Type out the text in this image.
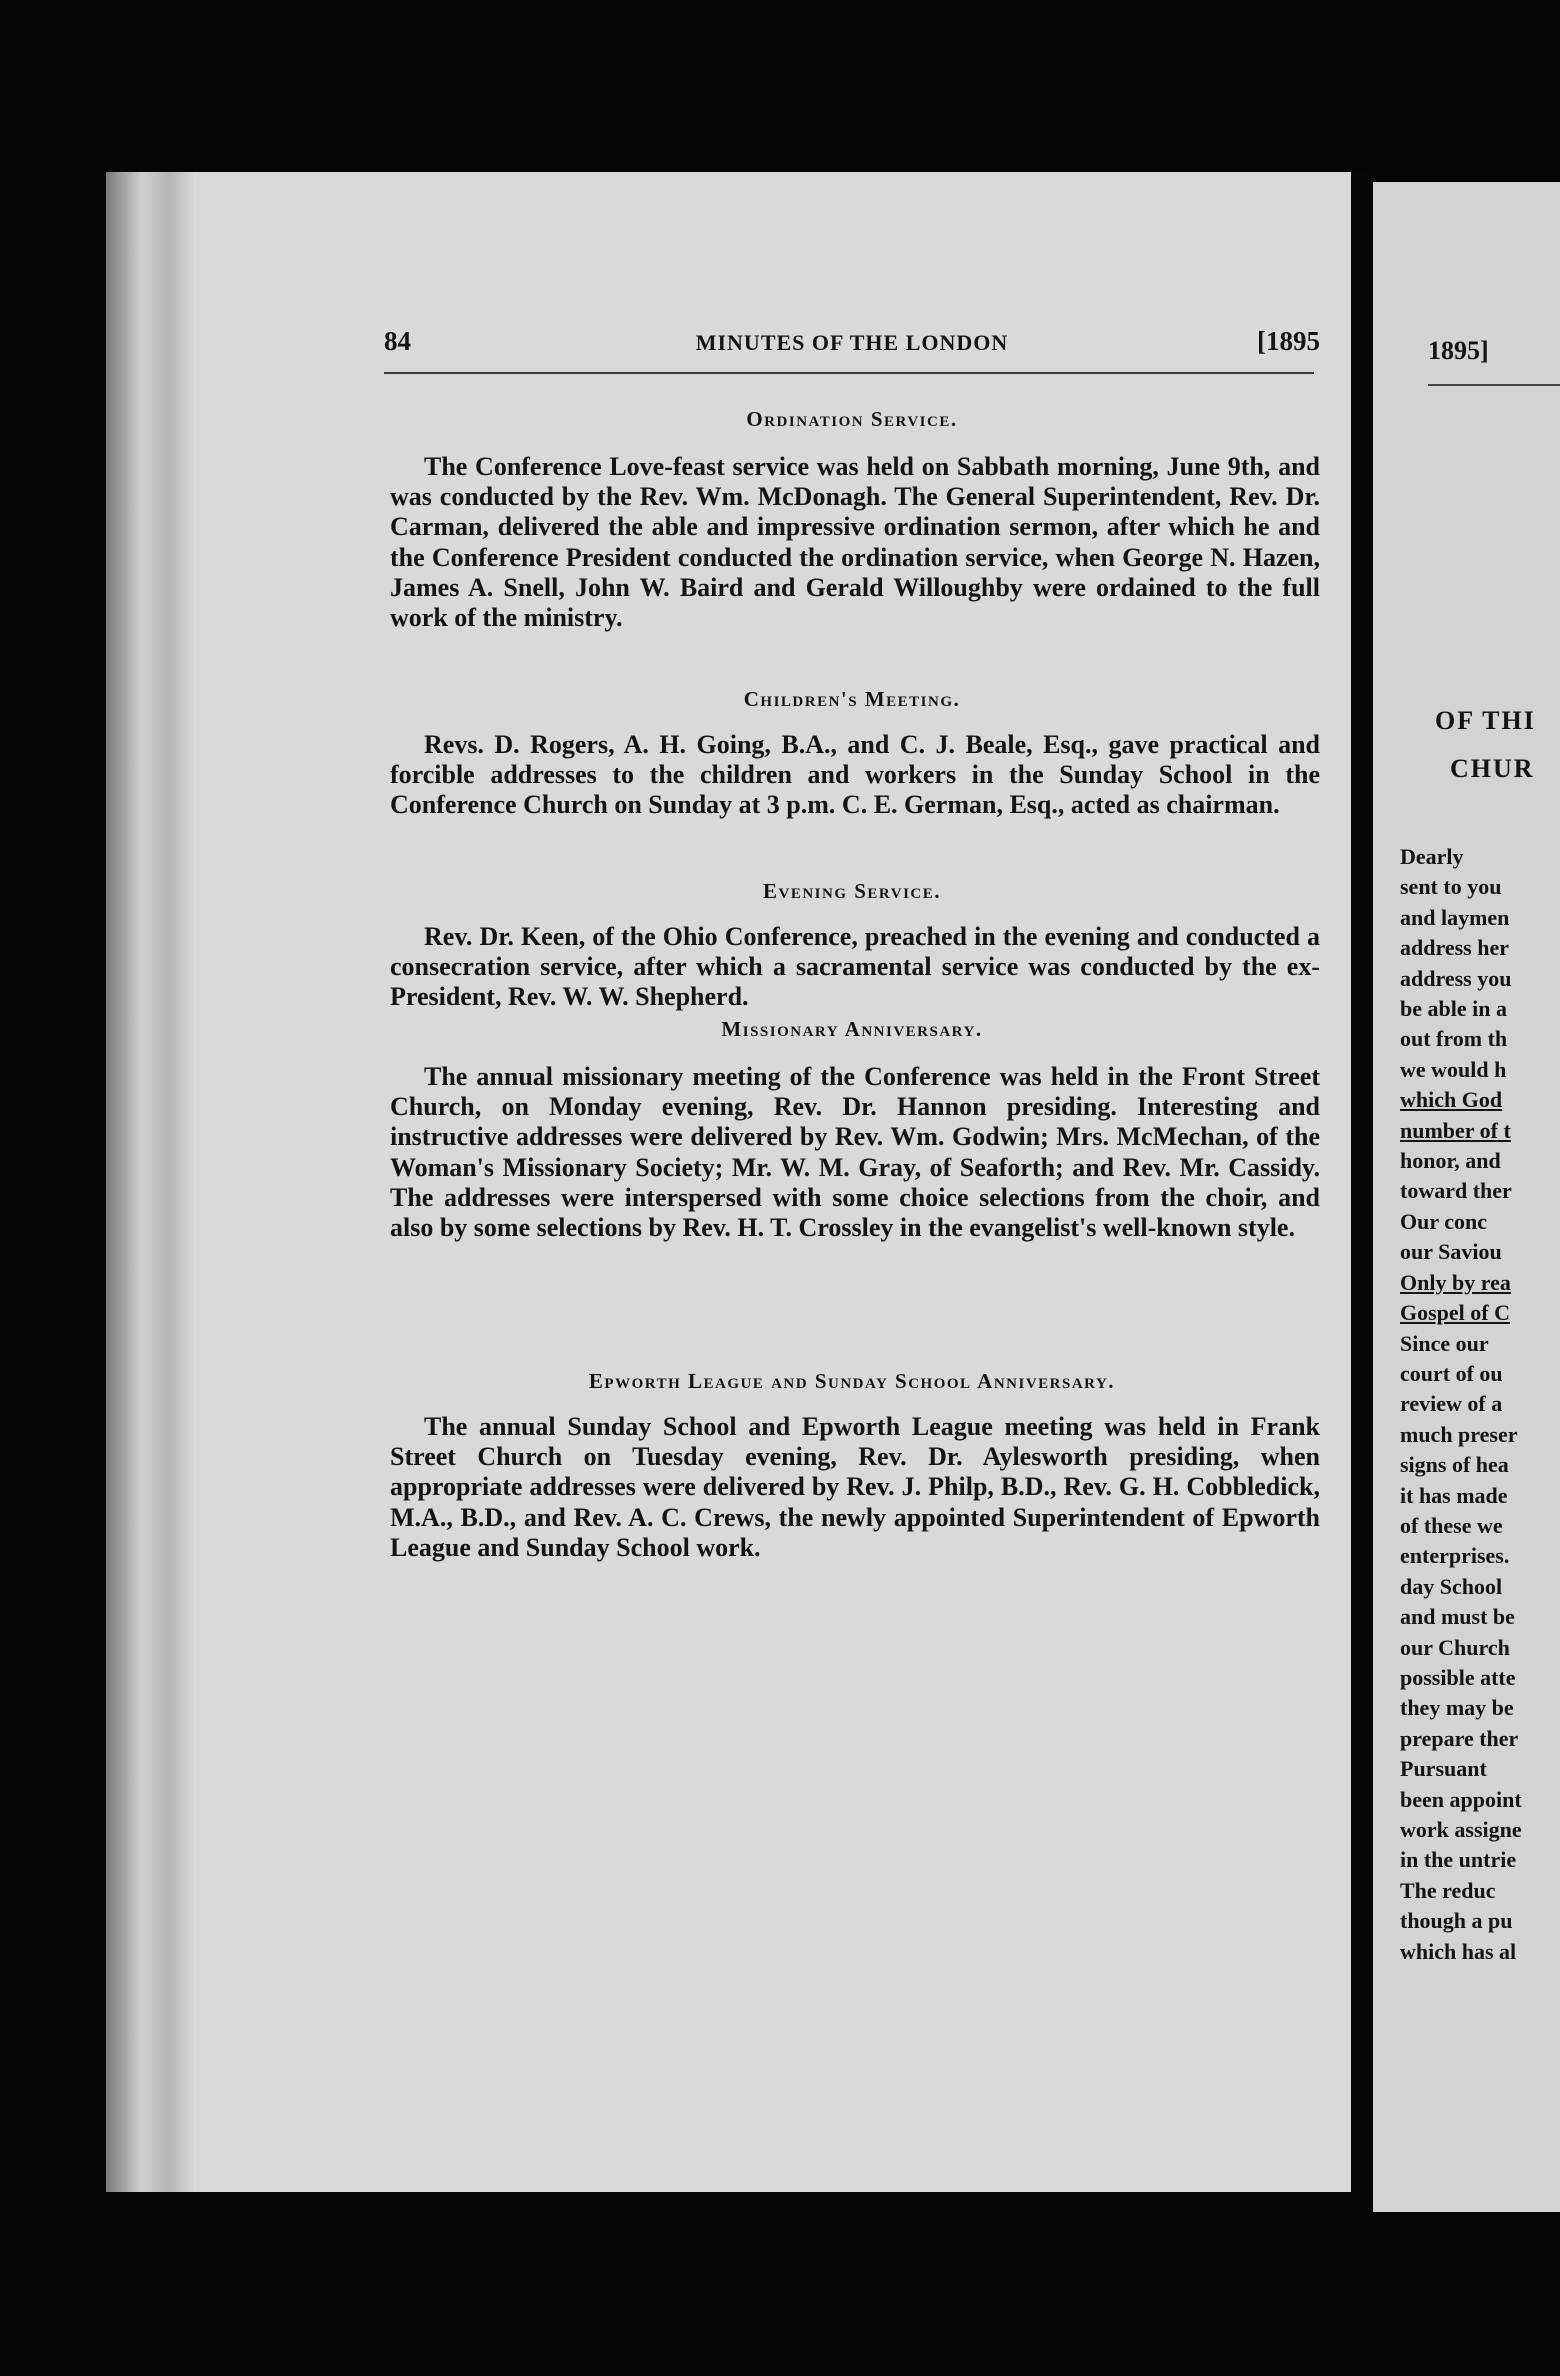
84	MINUTES OF THE LONDON	[1895
Ordination Service.
The Conference Love-feast service was held on Sabbath morning, June 9th, and was conducted by the Rev. Wm. McDonagh. The General Superintendent, Rev. Dr. Carman, delivered the able and impressive ordination sermon, after which he and the Conference President conducted the ordination service, when George N. Hazen, James A. Snell, John W. Baird and Gerald Willoughby were ordained to the full work of the ministry.
Children's Meeting.
Revs. D. Rogers, A. H. Going, B.A., and C. J. Beale, Esq., gave practical and forcible addresses to the children and workers in the Sunday School in the Conference Church on Sunday at 3 p.m. C. E. German, Esq., acted as chairman.
Evening Service.
Rev. Dr. Keen, of the Ohio Conference, preached in the evening and conducted a consecration service, after which a sacramental service was conducted by the ex-President, Rev. W. W. Shepherd.
Missionary Anniversary.
The annual missionary meeting of the Conference was held in the Front Street Church, on Monday evening, Rev. Dr. Hannon presiding. Interesting and instructive addresses were delivered by Rev. Wm. Godwin; Mrs. McMechan, of the Woman's Missionary Society; Mr. W. M. Gray, of Seaforth; and Rev. Mr. Cassidy. The addresses were interspersed with some choice selections from the choir, and also by some selections by Rev. H. T. Crossley in the evangelist's well-known style.
Epworth League and Sunday School Anniversary.
The annual Sunday School and Epworth League meeting was held in Frank Street Church on Tuesday evening, Rev. Dr. Aylesworth presiding, when appropriate addresses were delivered by Rev. J. Philp, B.D., Rev. G. H. Cobbledick, M.A., B.D., and Rev. A. C. Crews, the newly appointed Superintendent of Epworth League and Sunday School work.
1895]
OF THI
CHUR
Dearly
sent to you
and laymen
address her
address you
be able in a
out from th
we would h
which God
number of t
honor, and
toward ther
Our conc
our Saviou
Only by rea
Gospel of C
Since our
court of ou
review of a
much preser
signs of hea
it has made
of these we
enterprises.
day School
and must be
our Church
possible atte
they may be
prepare ther
Pursuant
been appoint
work assigne
in the untrie
The reduc
though a pu
which has al
